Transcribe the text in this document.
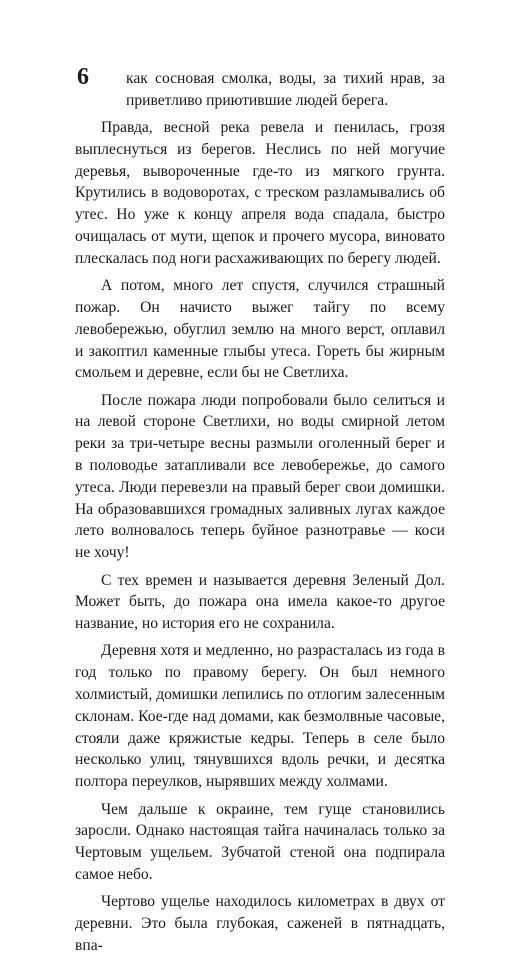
6	как сосновая смолка, воды, за тихий нрав, за приветливо приютившие людей берега.

Правда, весной река ревела и пенилась, грозя выплеснуться из берегов. Неслись по ней могучие деревья, вывороченные где-то из мягкого грунта. Крутились в водоворотах, с треском разламывались об утес. Но уже к концу апреля вода спадала, быстро очищалась от мути, щепок и прочего мусора, виновато плескалась под ноги расхаживающих по берегу людей.

А потом, много лет спустя, случился страшный пожар. Он начисто выжег тайгу по всему левобережью, обуглил землю на много верст, оплавил и закоптил каменные глыбы утеса. Гореть бы жирным смольем и деревне, если бы не Светлиха.

После пожара люди попробовали было селиться и на левой стороне Светлихи, но воды смирной летом реки за три-четыре весны размыли оголенный берег и в половодье затапливали все левобережье, до самого утеса. Люди перевезли на правый берег свои домишки. На образовавшихся громадных заливных лугах каждое лето волновалось теперь буйное разнотравье — коси не хочу!

С тех времен и называется деревня Зеленый Дол. Может быть, до пожара она имела какое-то другое название, но история его не сохранила.

Деревня хотя и медленно, но разрасталась из года в год только по правому берегу. Он был немного холмистый, домишки лепились по отлогим залесенным склонам. Кое-где над домами, как безмолвные часовые, стояли даже кряжистые кедры. Теперь в селе было несколько улиц, тянувшихся вдоль речки, и десятка полтора переулков, нырявших между холмами.

Чем дальше к окраине, тем гуще становились заросли. Однако настоящая тайга начиналась только за Чертовым ущельем. Зубчатой стеной она подпирала самое небо.

Чертово ущелье находилось километрах в двух от деревни. Это была глубокая, саженей в пятнадцать, впа-
